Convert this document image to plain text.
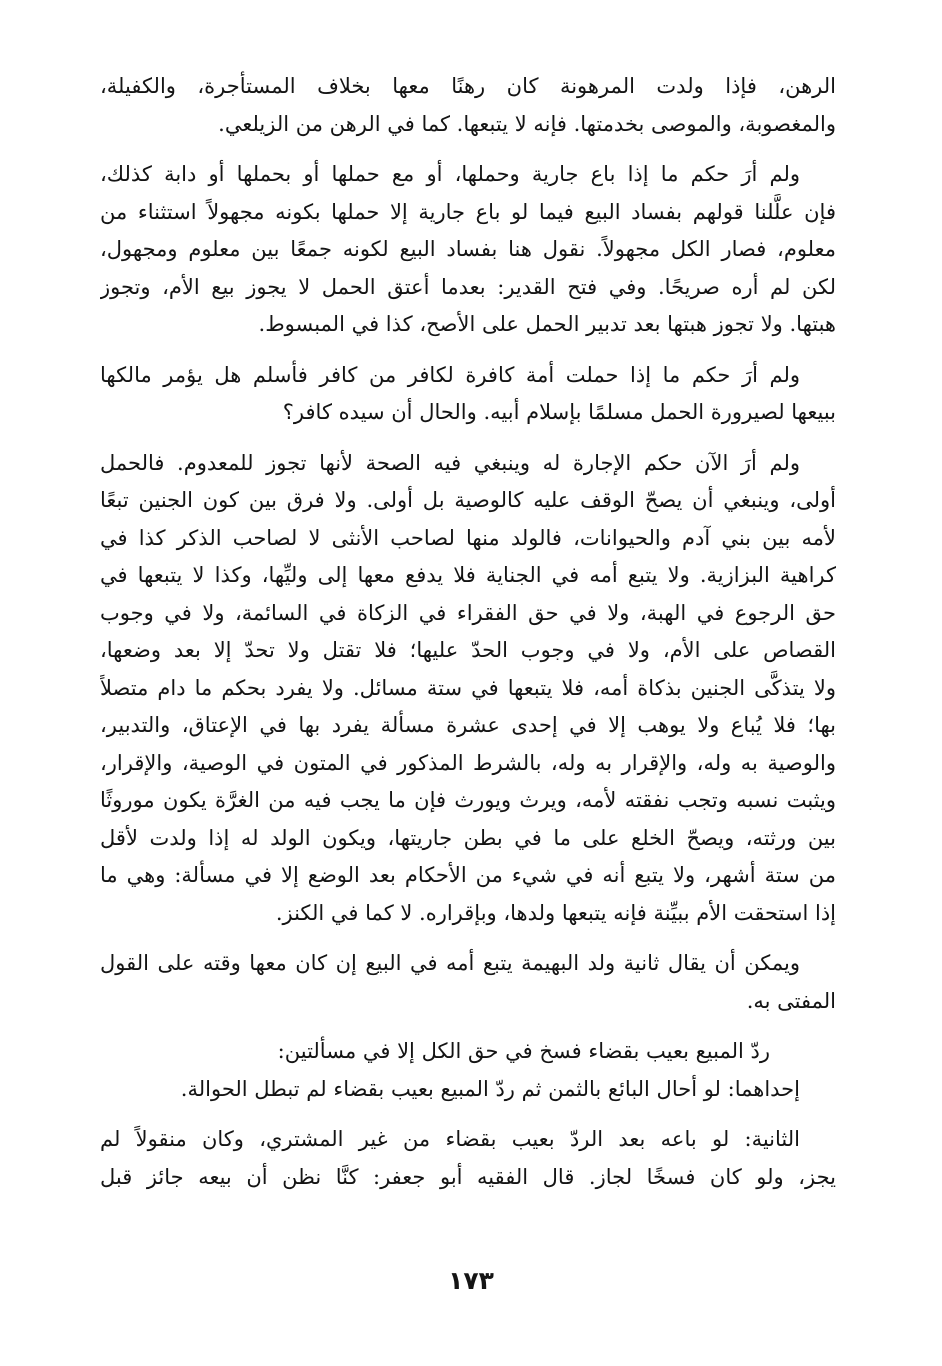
الرهن، فإذا ولدت المرهونة كان رهنًا معها بخلاف المستأجرة، والكفيلة،
والمغصوبة، والموصى بخدمتها. فإنه لا يتبعها. كما في الرهن من الزيلعي.
ولم أرَ حكم ما إذا باع جارية وحملها، أو مع حملها أو بحملها أو دابة كذلك،
فإن علَّلنا قولهم بفساد البيع فيما لو باع جارية إلا حملها بكونه مجهولاً استثناء من
معلوم، فصار الكل مجهولاً. نقول هنا بفساد البيع لكونه جمعًا بين معلوم ومجهول،
لكن لم أره صريحًا. وفي فتح القدير: بعدما أعتق الحمل لا يجوز بيع الأم، وتجوز
هبتها. ولا تجوز هبتها بعد تدبير الحمل على الأصح، كذا في المبسوط.
ولم أرَ حكم ما إذا حملت أمة كافرة لكافر من كافر فأسلم هل يؤمر مالكها
ببيعها لصيرورة الحمل مسلمًا بإسلام أبيه. والحال أن سيده كافر؟
ولم أرَ الآن حكم الإجارة له وينبغي فيه الصحة لأنها تجوز للمعدوم. فالحمل
أولى، وينبغي أن يصحّ الوقف عليه كالوصية بل أولى. ولا فرق بين كون الجنين تبعًا
لأمه بين بني آدم والحيوانات، فالولد منها لصاحب الأنثى لا لصاحب الذكر كذا في
كراهية البزازية. ولا يتبع أمه في الجناية فلا يدفع معها إلى وليِّها، وكذا لا يتبعها في
حق الرجوع في الهبة، ولا في حق الفقراء في الزكاة في السائمة، ولا في وجوب
القصاص على الأم، ولا في وجوب الحدّ عليها؛ فلا تقتل ولا تحدّ إلا بعد وضعها،
ولا يتذكَّى الجنين بذكاة أمه، فلا يتبعها في ستة مسائل. ولا يفرد بحكم ما دام متصلاً
بها؛ فلا يُباع ولا يوهب إلا في إحدى عشرة مسألة يفرد بها في الإعتاق، والتدبير،
والوصية به وله، والإقرار به وله، بالشرط المذكور في المتون في الوصية، والإقرار،
ويثبت نسبه وتجب نفقته لأمه، ويرث ويورث فإن ما يجب فيه من الغرَّة يكون موروثًا
بين ورثته، ويصحّ الخلع على ما في بطن جاريتها، ويكون الولد له إذا ولدت لأقل
من ستة أشهر، ولا يتبع أنه في شيء من الأحكام بعد الوضع إلا في مسألة: وهي ما
إذا استحقت الأم ببيِّنة فإنه يتبعها ولدها، وبإقراره. لا كما في الكنز.
ويمكن أن يقال ثانية ولد البهيمة يتبع أمه في البيع إن كان معها وقته على القول
المفتى به.
ردّ المبيع بعيب بقضاء فسخ في حق الكل إلا في مسألتين:
إحداهما: لو أحال البائع بالثمن ثم ردّ المبيع بعيب بقضاء لم تبطل الحوالة.
الثانية: لو باعه بعد الردّ بعيب بقضاء من غير المشتري، وكان منقولاً لم
يجز، ولو كان فسخًا لجاز. قال الفقيه أبو جعفر: كنَّا نظن أن بيعه جائز قبل
١٧٣
